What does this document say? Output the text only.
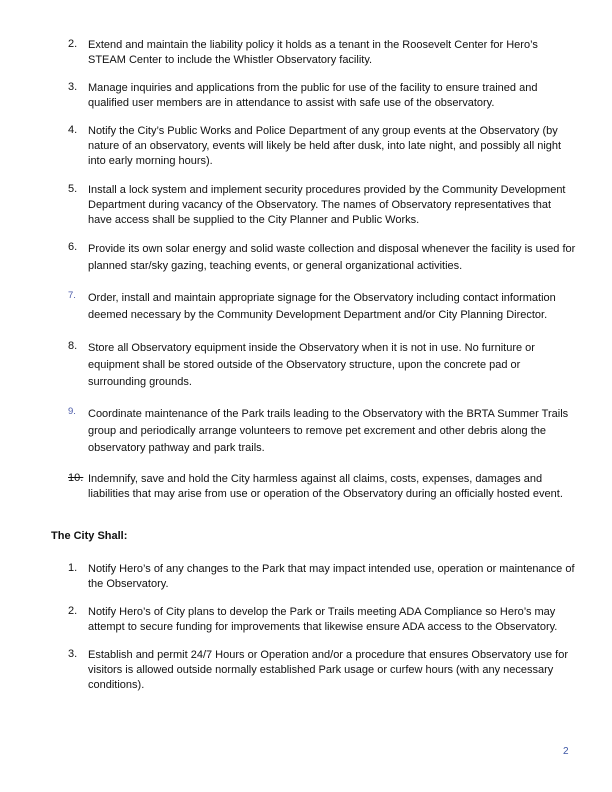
2. Extend and maintain the liability policy it holds as a tenant in the Roosevelt Center for Hero’s STEAM Center to include the Whistler Observatory facility.
3. Manage inquiries and applications from the public for use of the facility to ensure trained and qualified user members are in attendance to assist with safe use of the observatory.
4. Notify the City’s Public Works and Police Department of any group events at the Observatory (by nature of an observatory, events will likely be held after dusk, into late night, and possibly all night into early morning hours).
5. Install a lock system and implement security procedures provided by the Community Development Department during vacancy of the Observatory. The names of Observatory representatives that have access shall be supplied to the City Planner and Public Works.
6. Provide its own solar energy and solid waste collection and disposal whenever the facility is used for planned star/sky gazing, teaching events, or general organizational activities.
7.	Order, install and maintain appropriate signage for the Observatory including contact information deemed necessary by the Community Development Department and/or City Planning Director.
8. Store all Observatory equipment inside the Observatory when it is not in use. No furniture or equipment shall be stored outside of the Observatory structure, upon the concrete pad or surrounding grounds.
9.	Coordinate maintenance of the Park trails leading to the Observatory with the BRTA Summer Trails group and periodically arrange volunteers to remove pet excrement and other debris along the observatory pathway and park trails.
10. Indemnify, save and hold the City harmless against all claims, costs, expenses, damages and liabilities that may arise from use or operation of the Observatory during an officially hosted event.
The City Shall:
1. Notify Hero’s of any changes to the Park that may impact intended use, operation or maintenance of the Observatory.
2. Notify Hero’s of City plans to develop the Park or Trails meeting ADA Compliance so Hero’s may attempt to secure funding for improvements that likewise ensure ADA access to the Observatory.
3. Establish and permit 24/7 Hours or Operation and/or a procedure that ensures Observatory use for visitors is allowed outside normally established Park usage or curfew hours (with any necessary conditions).
2
